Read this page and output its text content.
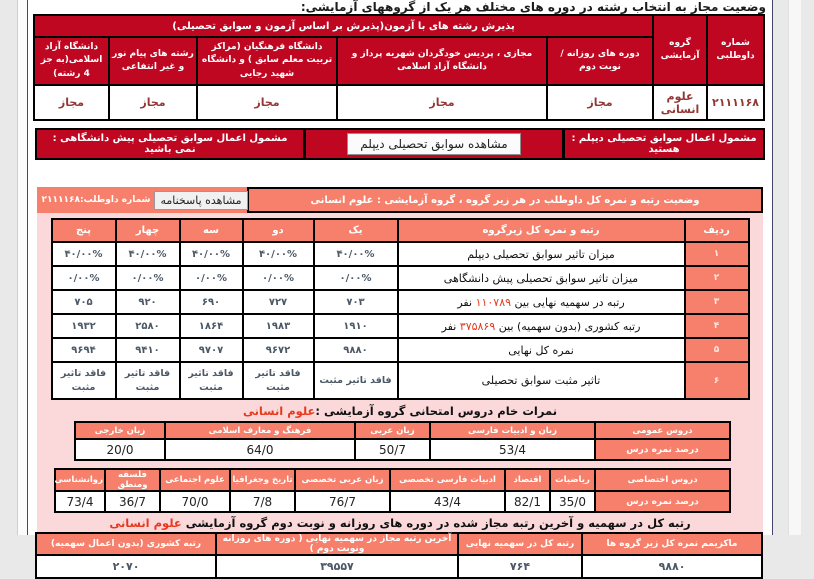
وضعیت مجاز به انتخاب رشته در دوره های مختلف هر یک از گروههای آزمایشی:
شماره داوطلبی	گروه آزمایشی	پذیرش رشته های با آزمون(پذیرش بر اساس آزمون و سوابق تحصیلی)				
		دوره های روزانه / نوبت دوم	مجازی ، پردیس خودگردان شهریه پرداز و دانشگاه آزاد اسلامی	دانشگاه فرهنگیان (مراکز تربیت معلم سابق ) و دانشگاه شهید رجایی	رشته های پیام نور و غیر انتفاعی	دانشگاه آزاد اسلامی(به جز 4 رشته)
۲۱۱۱۱۶۸	علوم انسانی	مجاز	مجاز	مجاز	مجاز	مجاز
مشمول اعمال سوابق تحصیلی دیپلم : هستید
مشاهده سوابق تحصیلی دیپلم
مشمول اعمال سوابق تحصیلی پیش دانشگاهی : نمی باشید
وضعیت رتبه و نمره کل داوطلب در هر زیر گروه ، گروه آزمایشی : علوم انسانی
مشاهده پاسخنامه
شماره داوطلب:۲۱۱۱۱۶۸
ردیف	رتبه و نمره کل زیرگروه	یک	دو	سه	چهار	پنج
۱	میزان تاثیر سوابق تحصیلی دیپلم	۴۰/۰۰%	۴۰/۰۰%	۴۰/۰۰%	۴۰/۰۰%	۴۰/۰۰%
۲	میزان تاثیر سوابق تحصیلی پیش دانشگاهی	۰/۰۰%	۰/۰۰%	۰/۰۰%	۰/۰۰%	۰/۰۰%
۳	رتبه در سهمیه نهایی بین ۱۱۰۷۸۹ نفر	۷۰۳	۷۲۷	۶۹۰	۹۲۰	۷۰۵
۴	رتبه کشوری (بدون سهمیه) بین ۳۷۵۸۶۹ نفر	۱۹۱۰	۱۹۸۳	۱۸۶۴	۲۵۸۰	۱۹۳۲
۵	نمره کل نهایی	۹۸۸۰	۹۶۷۲	۹۷۰۷	۹۴۱۰	۹۶۹۴
۶	تاثیر مثبت سوابق تحصیلی	فاقد تاثیر مثبت	فاقد تاثیر مثبت	فاقد تاثیر مثبت	فاقد تاثیر مثبت	فاقد تاثیر مثبت
نمرات خام دروس امتحانی گروه آزمایشی :علوم انسانی
دروس عمومی	زبان و ادبیات فارسی	زبان عربی	فرهنگ و معارف اسلامی	زبان خارجی
درصد نمره درس	53/4	50/7	64/0	20/0
دروس اختصاصی	ریاضیات	اقتصاد	ادبیات فارسی تخصصی	زبان عربی تخصصی	تاریخ وجغرافیا	علوم اجتماعی	فلسفه ومنطق	روانشناسی
درصد نمره درس	35/0	82/1	43/4	76/7	7/8	70/0	36/7	73/4
رتبه کل در سهمیه و آخرین رتبه مجاز شده در دوره های روزانه و نوبت دوم گروه آزمایشی علوم انسانی
ماکزیمم نمره کل زیر گروه ها	رتبه کل در سهمیه نهایی	آخرین رتبه مجاز در سهمیه نهایی ( دوره های روزانه ونوبت دوم )	رتبه کشوری (بدون اعمال سهمیه)
۹۸۸۰	۷۶۴	۳۹۵۵۷	۲۰۷۰
